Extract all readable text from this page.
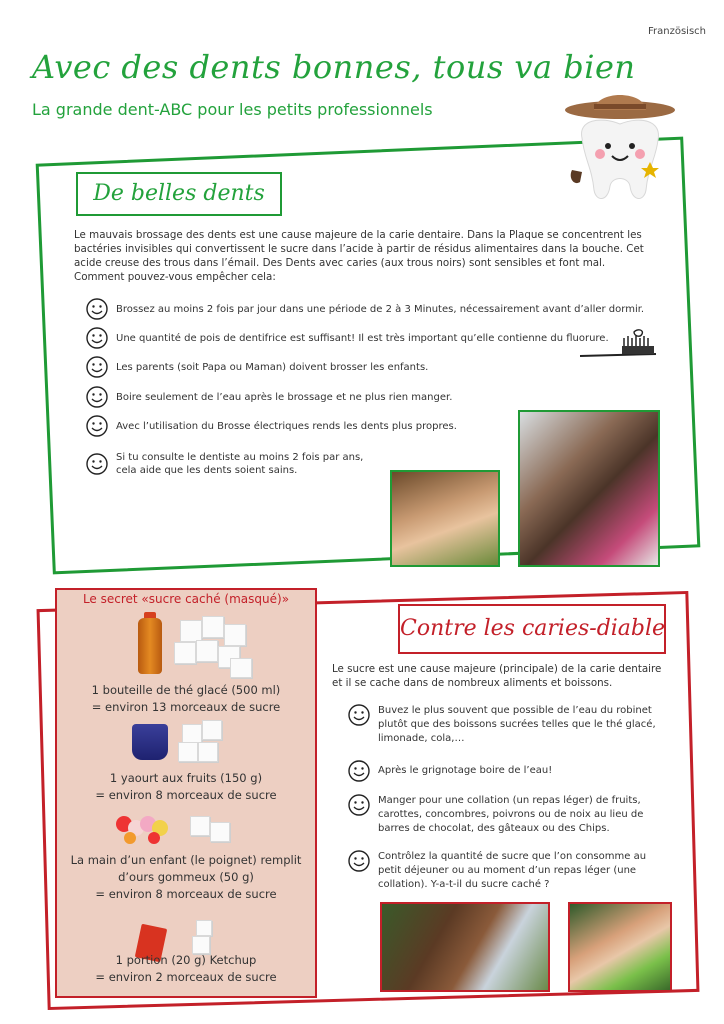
Französisch
Avec des dents bonnes, tous va bien
La grande dent-ABC pour les petits professionnels
De belles dents
Le mauvais brossage des dents est une cause majeure de la carie dentaire. Dans la Plaque se concentrent les bactéries invisibles qui convertissent le sucre dans l’acide à partir de résidus alimentaires dans la bouche. Cet acide creuse des trous dans l’émail. Des Dents avec caries (aux trous noirs) sont sensibles et font mal. Comment pouvez-vous empêcher cela:
Brossez au moins 2 fois par jour dans une période de 2 à 3 Minutes, nécessairement avant d’aller dormir.
Une quantité de pois de dentifrice est suffisant! Il est très important qu’elle contienne du fluorure.
Les parents (soit Papa ou Maman) doivent brosser les enfants.
Boire seulement de l’eau après le brossage et ne plus rien manger.
Avec l’utilisation du Brosse électriques rends les dents plus propres.
Si tu consulte le dentiste au moins 2 fois par ans, cela aide que les dents soient sains.
Le secret «sucre caché (masqué)»
1 bouteille de thé glacé (500 ml)
= environ 13 morceaux de sucre
1 yaourt aux fruits (150 g)
= environ 8 morceaux de sucre
La main d’un enfant (le poignet) remplit
d’ours gommeux (50 g)
= environ 8 morceaux de sucre
1 portion (20 g) Ketchup
= environ 2 morceaux de sucre
Contre les caries-diable
Le sucre est une cause majeure (principale) de la carie dentaire et il se cache dans de nombreux aliments et boissons.
Buvez le plus souvent que possible de l’eau du robinet plutôt que des boissons sucrées telles que le thé glacé, limonade, cola,…
Après le grignotage boire de l’eau!
Manger pour une collation (un repas léger) de fruits, carottes, concombres, poivrons ou de noix au lieu de barres de chocolat, des gâteaux ou des Chips.
Contrôlez la quantité de sucre que l’on consomme au petit déjeuner ou au moment d’un repas léger (une collation). Y-a-t-il du sucre caché ?
